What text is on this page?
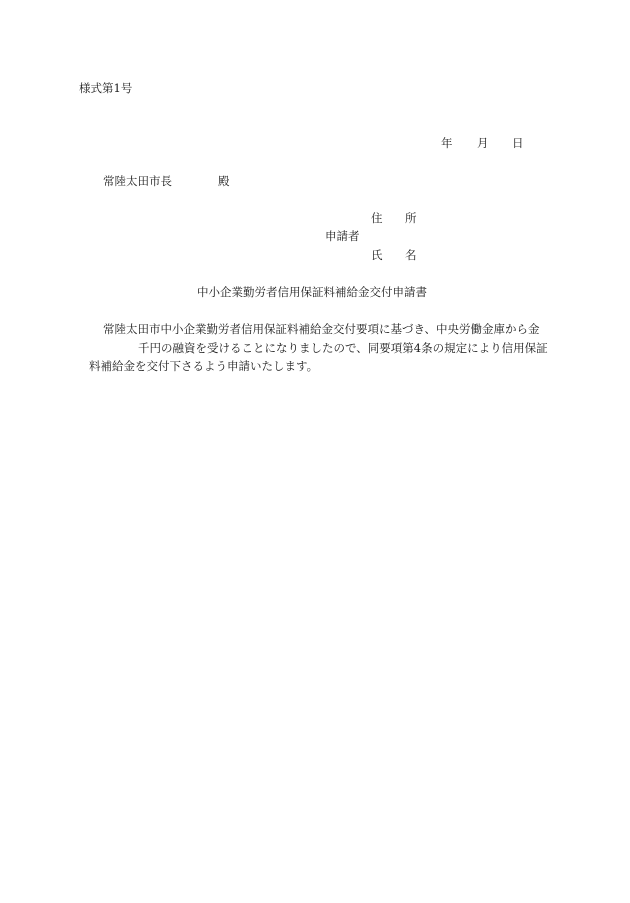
様式第1号
年 月 日
常陸太田市長	殿
住 所
申請者
氏 名
中小企業勤労者信用保証料補給金交付申請書
常陸太田市中小企業勤労者信用保証料補給金交付要項に基づき、中央労働金庫から金
千円の融資を受けることになりましたので、同要項第4条の規定により信用保証
料補給金を交付下さるよう申請いたします。
